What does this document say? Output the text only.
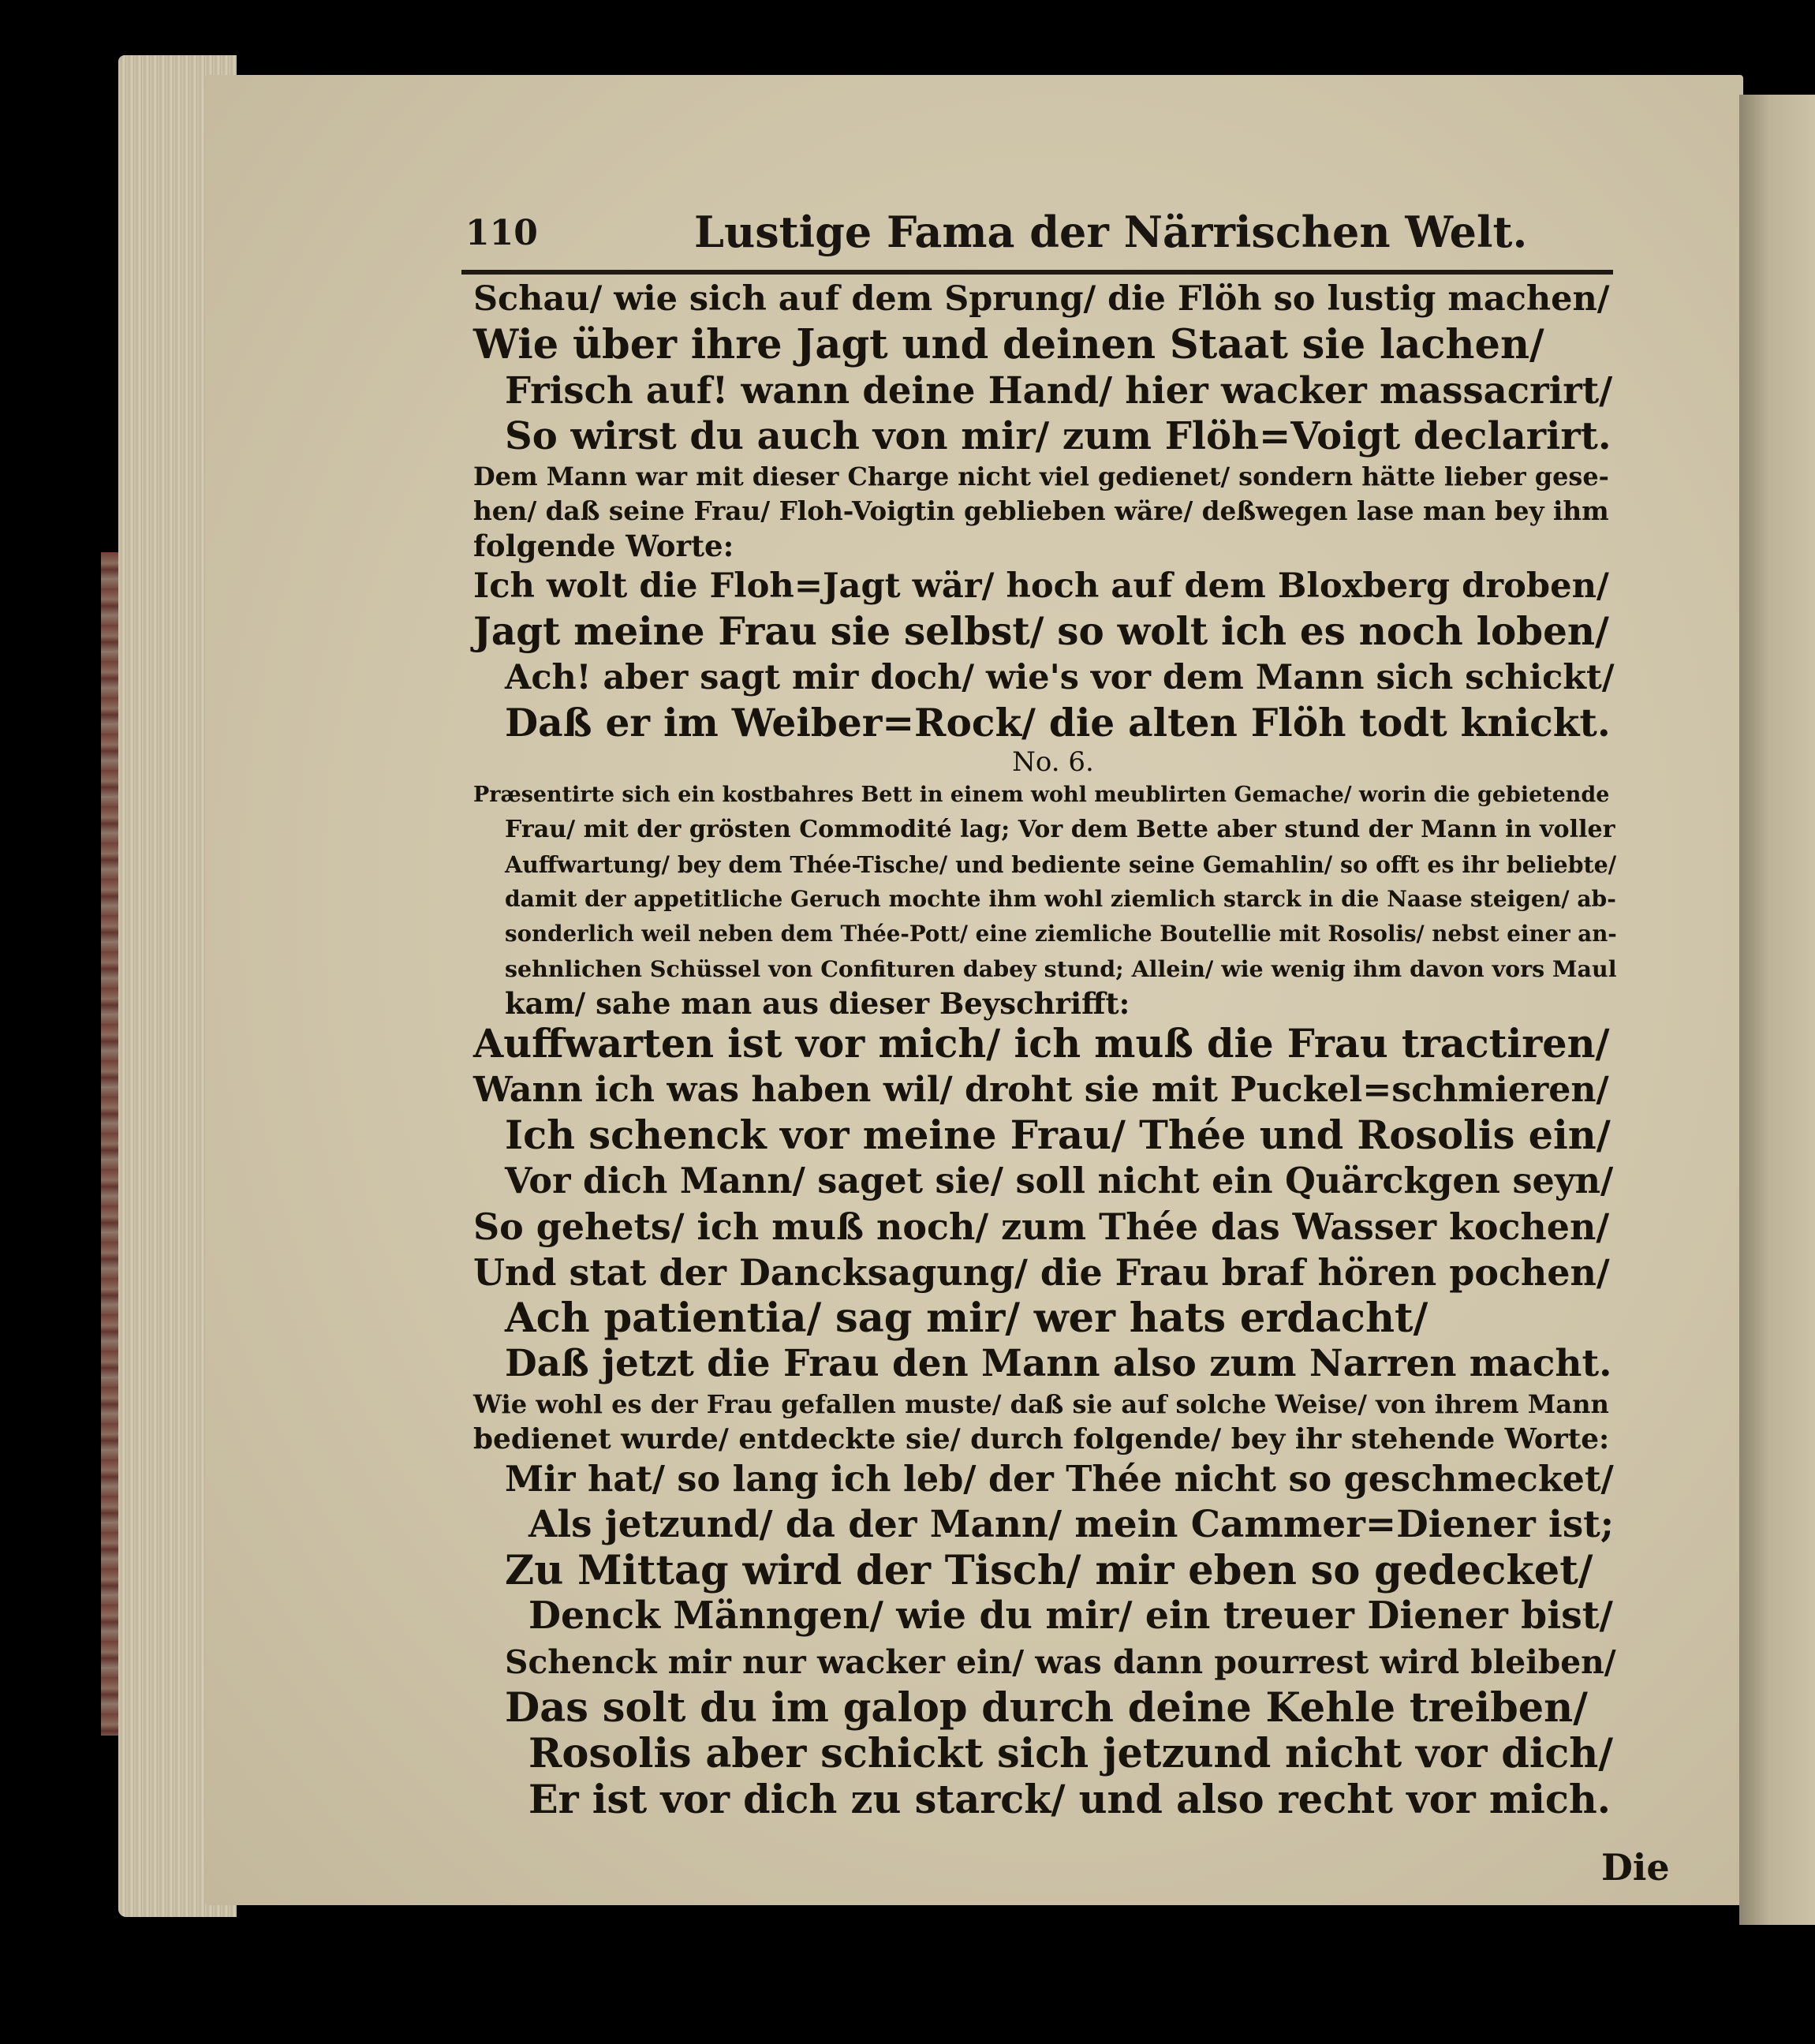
110	Lustige Fama der Närrischen Welt.
Schau/ wie sich auf dem Sprung/ die Flöh so lustig machen/
Wie über ihre Jagt und deinen Staat sie lachen/
Frisch auf! wann deine Hand/ hier wacker massacrirt/
So wirst du auch von mir/ zum Flöh=Voigt declarirt.
Dem Mann war mit dieser Charge nicht viel gedienet/ sondern hätte lieber gese-
hen/ daß seine Frau/ Floh-Voigtin geblieben wäre/ deßwegen lase man bey ihm
folgende Worte:
Ich wolt die Floh=Jagt wär/ hoch auf dem Bloxberg droben/
Jagt meine Frau sie selbst/ so wolt ich es noch loben/
Ach! aber sagt mir doch/ wie's vor dem Mann sich schickt/
Daß er im Weiber=Rock/ die alten Flöh todt knickt.
No. 6.
Præsentirte sich ein kostbahres Bett in einem wohl meublirten Gemache/ worin die gebietende
Frau/ mit der grösten Commodité lag; Vor dem Bette aber stund der Mann in voller
Auffwartung/ bey dem Thée-Tische/ und bediente seine Gemahlin/ so offt es ihr beliebte/
damit der appetitliche Geruch mochte ihm wohl ziemlich starck in die Naase steigen/ ab-
sonderlich weil neben dem Thée-Pott/ eine ziemliche Boutellie mit Rosolis/ nebst einer an-
sehnlichen Schüssel von Confituren dabey stund; Allein/ wie wenig ihm davon vors Maul
kam/ sahe man aus dieser Beyschrifft:
Auffwarten ist vor mich/ ich muß die Frau tractiren/
Wann ich was haben wil/ droht sie mit Puckel=schmieren/
Ich schenck vor meine Frau/ Thée und Rosolis ein/
Vor dich Mann/ saget sie/ soll nicht ein Quärckgen seyn/
So gehets/ ich muß noch/ zum Thée das Wasser kochen/
Und stat der Dancksagung/ die Frau braf hören pochen/
Ach patientia/ sag mir/ wer hats erdacht/
Daß jetzt die Frau den Mann also zum Narren macht.
Wie wohl es der Frau gefallen muste/ daß sie auf solche Weise/ von ihrem Mann
bedienet wurde/ entdeckte sie/ durch folgende/ bey ihr stehende Worte:
Mir hat/ so lang ich leb/ der Thée nicht so geschmecket/
Als jetzund/ da der Mann/ mein Cammer=Diener ist;
Zu Mittag wird der Tisch/ mir eben so gedecket/
Denck Männgen/ wie du mir/ ein treuer Diener bist/
Schenck mir nur wacker ein/ was dann pourrest wird bleiben/
Das solt du im galop durch deine Kehle treiben/
Rosolis aber schickt sich jetzund nicht vor dich/
Er ist vor dich zu starck/ und also recht vor mich.
Die
